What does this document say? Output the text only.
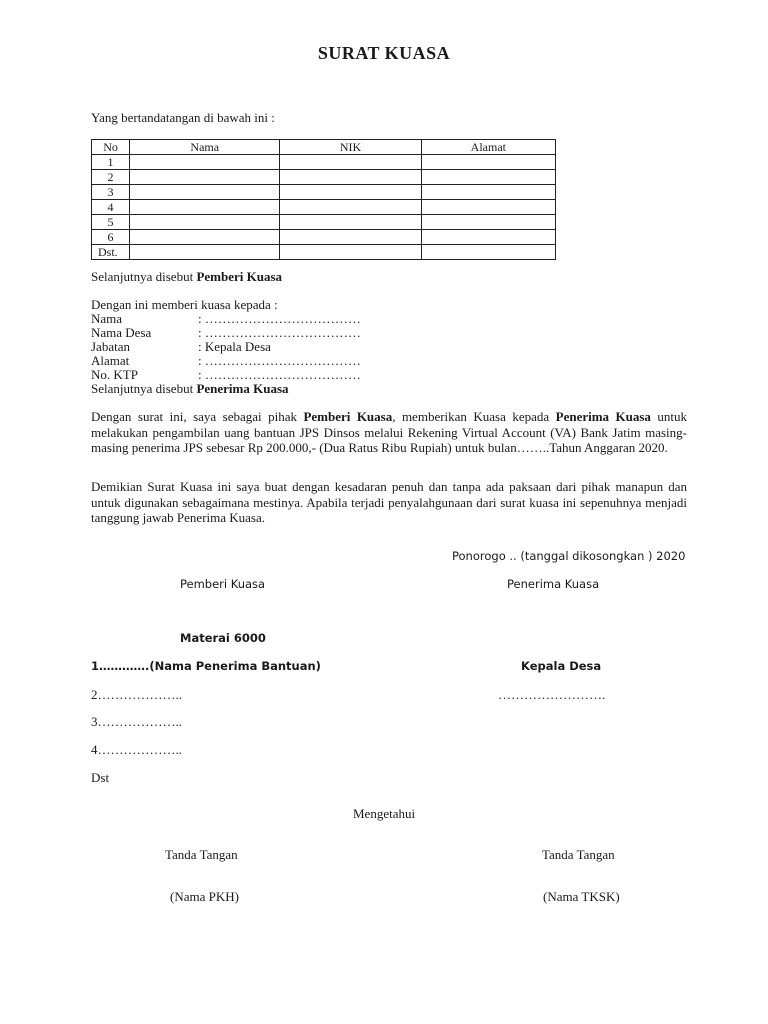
SURAT KUASA
Yang bertandatangan di bawah ini :
No	Nama	NIK	Alamat
1			
2			
3			
4			
5			
6			
Dst.			
Selanjutnya disebut Pemberi Kuasa
Dengan ini memberi kuasa kepada :
Nama	: ………………………………
Nama Desa	: ………………………………
Jabatan	: Kepala Desa
Alamat	: ………………………………
No. KTP	: ………………………………
Selanjutnya disebut Penerima Kuasa
Dengan surat ini, saya sebagai pihak Pemberi Kuasa, memberikan Kuasa kepada Penerima Kuasa untuk melakukan pengambilan uang bantuan JPS Dinsos melalui Rekening Virtual Account (VA) Bank Jatim masing-masing penerima JPS sebesar Rp 200.000,- (Dua Ratus Ribu Rupiah) untuk bulan……..Tahun Anggaran 2020.
Demikian Surat Kuasa ini saya buat dengan kesadaran penuh dan tanpa ada paksaan dari pihak manapun dan untuk digunakan sebagaimana mestinya. Apabila terjadi penyalahgunaan dari surat kuasa ini sepenuhnya menjadi tanggung jawab Penerima Kuasa.
Ponorogo .. (tanggal dikosongkan ) 2020
Pemberi Kuasa	Penerima Kuasa
Materai 6000
1………….(Nama Penerima Bantuan)	Kepala Desa
2………………..	…………………….
3………………..
4………………..
Dst
Mengetahui
Tanda Tangan	Tanda Tangan
(Nama PKH)	(Nama TKSK)
